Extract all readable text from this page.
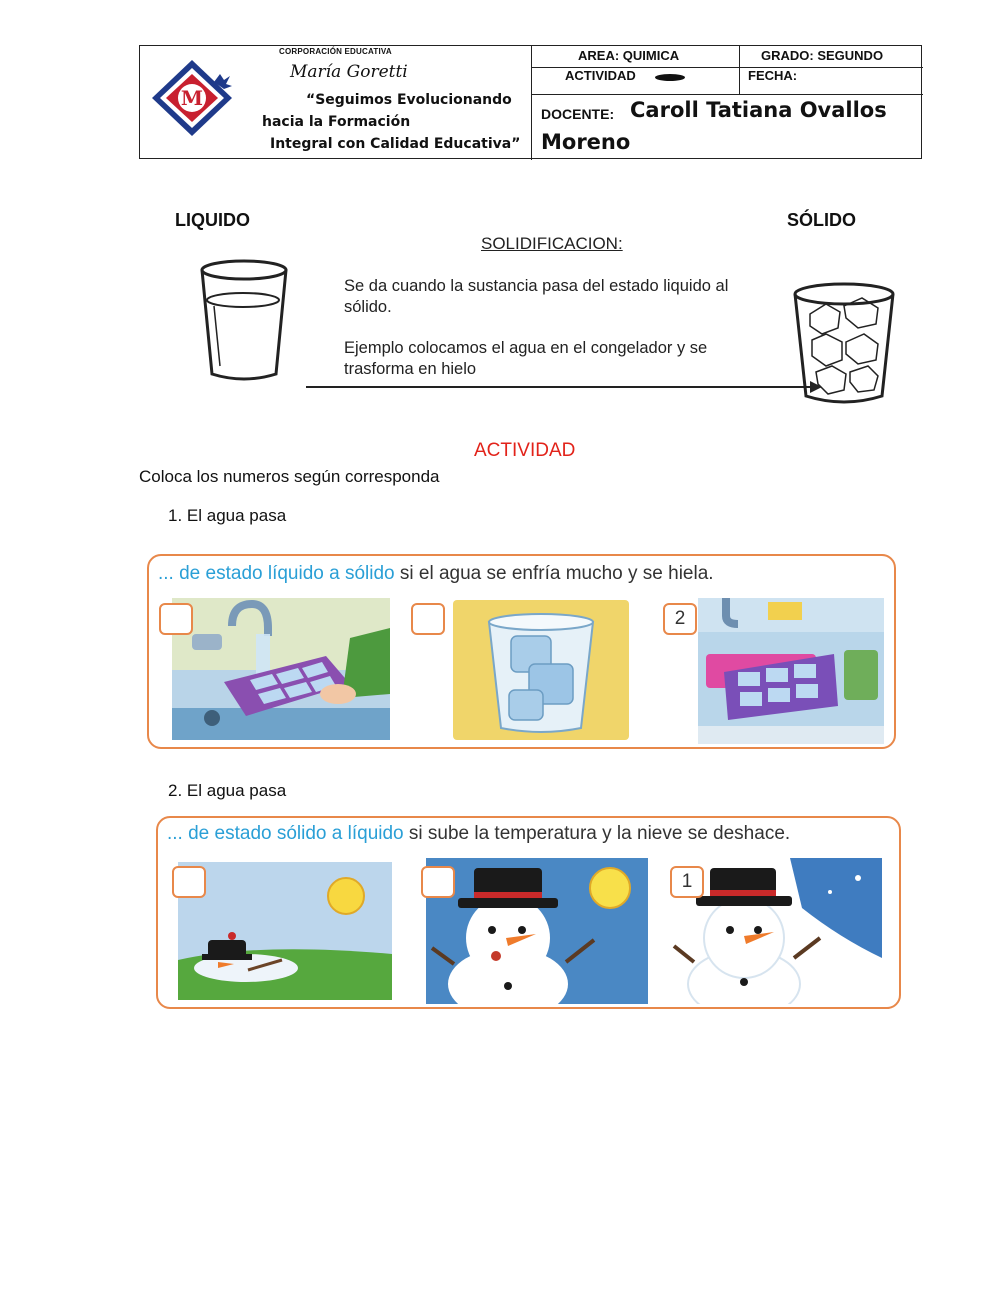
M
CORPORACIÓN EDUCATIVA
María Goretti
“Seguimos Evolucionando
hacia la Formación
Integral con Calidad Educativa”
AREA: QUIMICA	GRADO: SEGUNDO
ACTIVIDAD	FECHA:
DOCENTE: Caroll Tatiana Ovallos
Moreno
LIQUIDO	SÓLIDO
SOLIDIFICACION:
Se da cuando la sustancia pasa del estado liquido al
sólido.
Ejemplo colocamos el agua en el congelador y se
trasforma en hielo
ACTIVIDAD
Coloca los numeros según corresponda
1. El agua pasa
... de estado líquido a sólido si el agua se enfría mucho y se hiela.
2
2. El agua pasa
... de estado sólido a líquido si sube la temperatura y la nieve se deshace.
1
